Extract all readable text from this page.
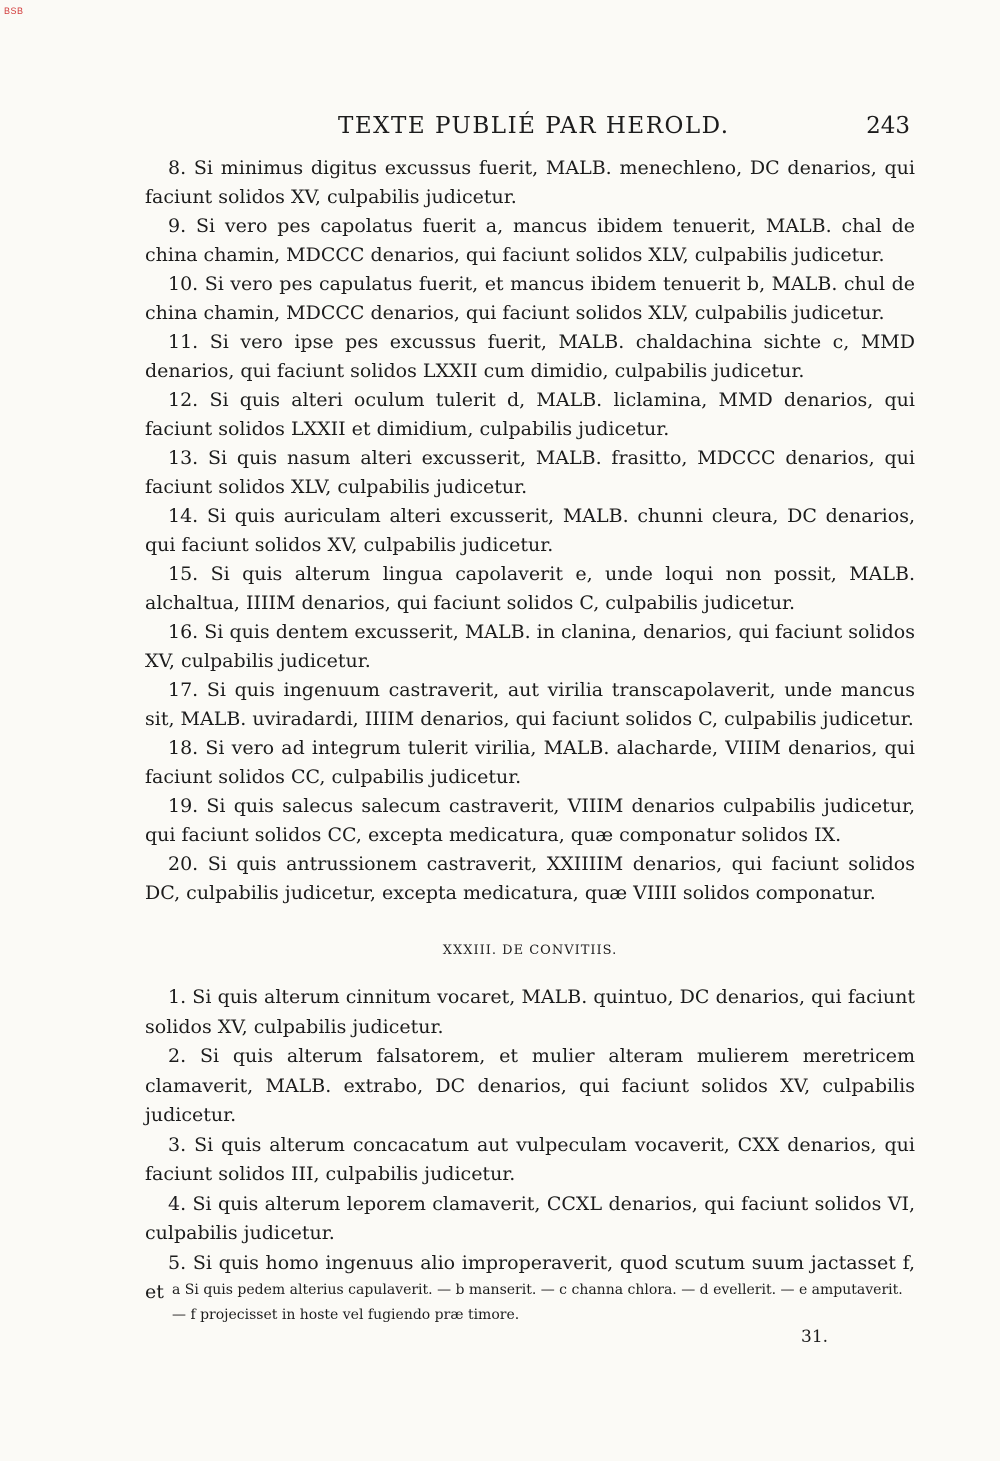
BSB
TEXTE PUBLIÉ PAR HEROLD.	243

8. Si minimus digitus excussus fuerit, MALB. menechleno, DC denarios, qui faciunt solidos XV, culpabilis judicetur.

9. Si vero pes capolatus fuerit a, mancus ibidem tenuerit, MALB. chal de china chamin, MDCCC denarios, qui faciunt solidos XLV, culpabilis judicetur.

10. Si vero pes capulatus fuerit, et mancus ibidem tenuerit b, MALB. chul de china chamin, MDCCC denarios, qui faciunt solidos XLV, culpabilis judicetur.

11. Si vero ipse pes excussus fuerit, MALB. chaldachina sichte c, MMD denarios, qui faciunt solidos LXXII cum dimidio, culpabilis judicetur.

12. Si quis alteri oculum tulerit d, MALB. liclamina, MMD denarios, qui faciunt solidos LXXII et dimidium, culpabilis judicetur.

13. Si quis nasum alteri excusserit, MALB. frasitto, MDCCC denarios, qui faciunt solidos XLV, culpabilis judicetur.

14. Si quis auriculam alteri excusserit, MALB. chunni cleura, DC denarios, qui faciunt solidos XV, culpabilis judicetur.

15. Si quis alterum lingua capolaverit e, unde loqui non possit, MALB. alchaltua, IIIIM denarios, qui faciunt solidos C, culpabilis judicetur.

16. Si quis dentem excusserit, MALB. in clanina, denarios, qui faciunt solidos XV, culpabilis judicetur.

17. Si quis ingenuum castraverit, aut virilia transcapolaverit, unde mancus sit, MALB. uviradardi, IIIIM denarios, qui faciunt solidos C, culpabilis judicetur.

18. Si vero ad integrum tulerit virilia, MALB. alacharde, VIIIM denarios, qui faciunt solidos CC, culpabilis judicetur.

19. Si quis salecus salecum castraverit, VIIIM denarios culpabilis judicetur, qui faciunt solidos CC, excepta medicatura, quæ componatur solidos IX.

20. Si quis antrussionem castraverit, XXIIIIM denarios, qui faciunt solidos DC, culpabilis judicetur, excepta medicatura, quæ VIIII solidos componatur.

XXXIII. DE CONVITIIS.

1. Si quis alterum cinnitum vocaret, MALB. quintuo, DC denarios, qui faciunt solidos XV, culpabilis judicetur.

2. Si quis alterum falsatorem, et mulier alteram mulierem meretricem clamaverit, MALB. extrabo, DC denarios, qui faciunt solidos XV, culpabilis judicetur.

3. Si quis alterum concacatum aut vulpeculam vocaverit, CXX denarios, qui faciunt solidos III, culpabilis judicetur.

4. Si quis alterum leporem clamaverit, CCXL denarios, qui faciunt solidos VI, culpabilis judicetur.

5. Si quis homo ingenuus alio improperaverit, quod scutum suum jactasset f, et a Si quis pedem alterius capulaverit. — b manserit. — c channa chlora. — d evellerit. — e amputaverit.

— f projecisset in hoste vel fugiendo præ timore.

31.
